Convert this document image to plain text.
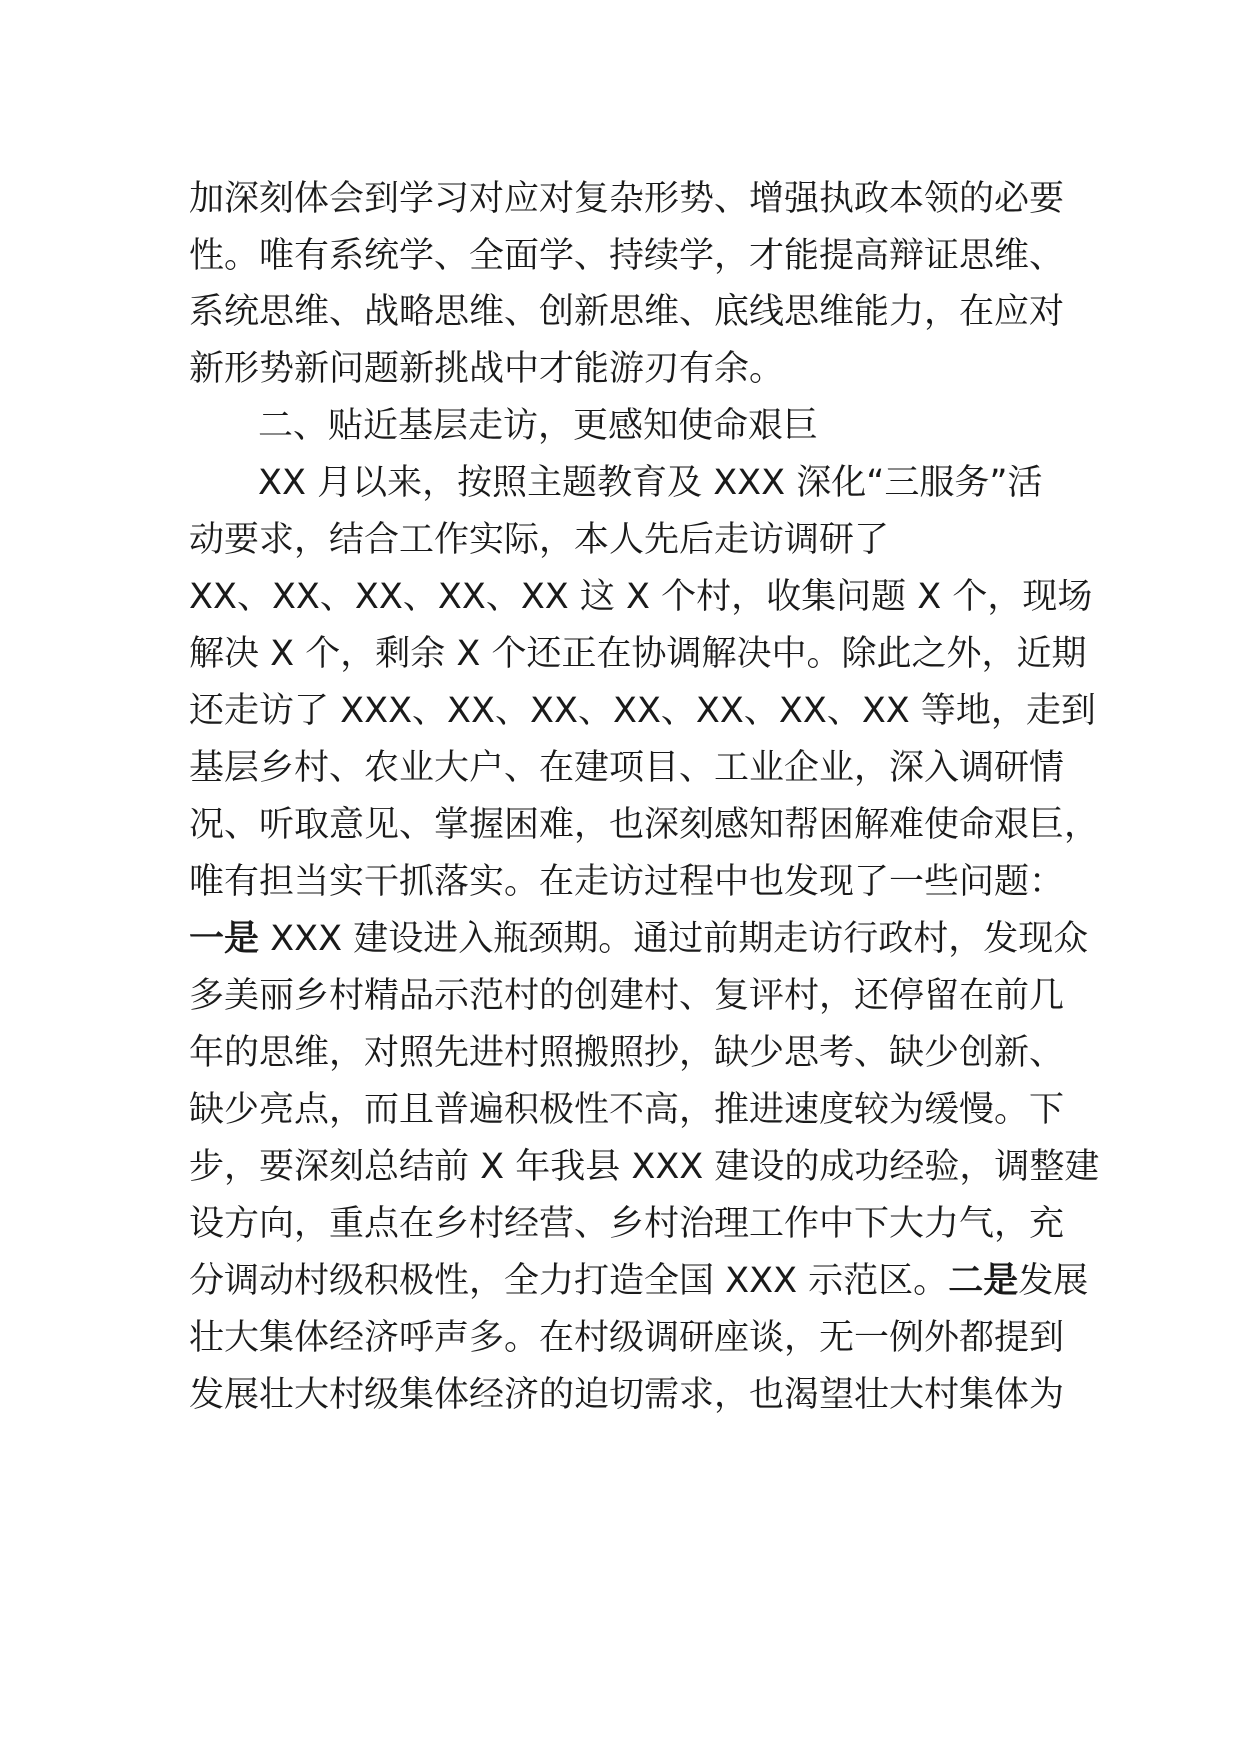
加深刻体会到学习对应对复杂形势、增强执政本领的必要
性。唯有系统学、全面学、持续学，才能提高辩证思维、
系统思维、战略思维、创新思维、底线思维能力，在应对
新形势新问题新挑战中才能游刃有余。
二、贴近基层走访，更感知使命艰巨
XX 月以来，按照主题教育及 XXX 深化“三服务”活
动要求，结合工作实际，本人先后走访调研了
XX、XX、XX、XX、XX 这 X 个村，收集问题 X 个，现场
解决 X 个，剩余 X 个还正在协调解决中。除此之外，近期
还走访了 XXX、XX、XX、XX、XX、XX、XX 等地，走到
基层乡村、农业大户、在建项目、工业企业，深入调研情
况、听取意见、掌握困难，也深刻感知帮困解难使命艰巨，
唯有担当实干抓落实。在走访过程中也发现了一些问题：
一是 XXX 建设进入瓶颈期。通过前期走访行政村，发现众
多美丽乡村精品示范村的创建村、复评村，还停留在前几
年的思维，对照先进村照搬照抄，缺少思考、缺少创新、
缺少亮点，而且普遍积极性不高，推进速度较为缓慢。下
步，要深刻总结前 X 年我县 XXX 建设的成功经验，调整建
设方向，重点在乡村经营、乡村治理工作中下大力气，充
分调动村级积极性，全力打造全国 XXX 示范区。二是发展
壮大集体经济呼声多。在村级调研座谈，无一例外都提到
发展壮大村级集体经济的迫切需求，也渴望壮大村集体为
